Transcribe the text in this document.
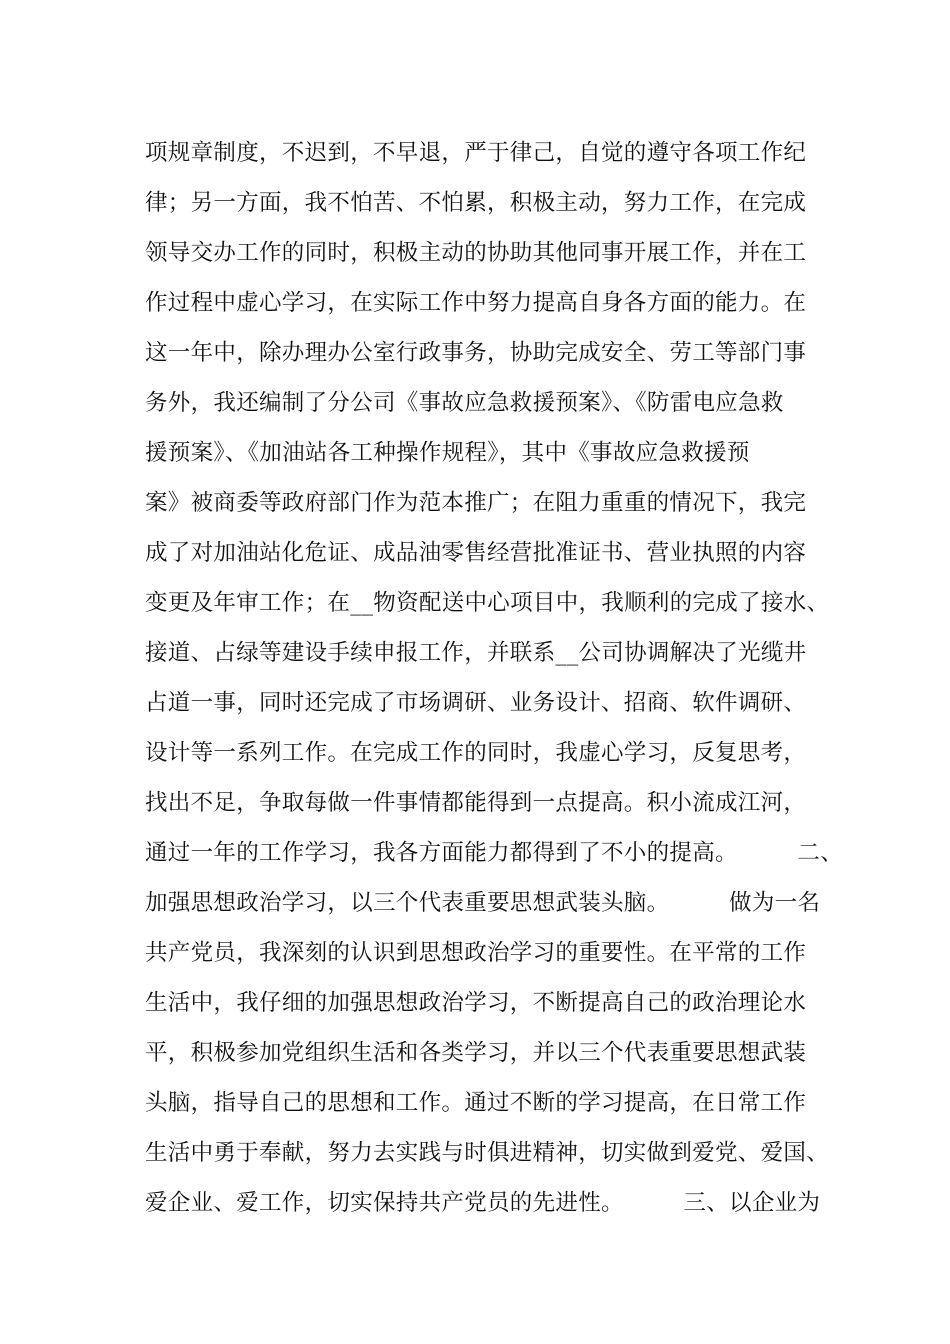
项规章制度，不迟到，不早退，严于律己，自觉的遵守各项工作纪
律；另一方面，我不怕苦、不怕累，积极主动，努力工作，在完成
领导交办工作的同时，积极主动的协助其他同事开展工作，并在工
作过程中虚心学习，在实际工作中努力提高自身各方面的能力。在
这一年中，除办理办公室行政事务，协助完成安全、劳工等部门事
务外，我还编制了分公司《事故应急救援预案》、《防雷电应急救
援预案》、《加油站各工种操作规程》，其中《事故应急救援预
案》被商委等政府部门作为范本推广；在阻力重重的情况下，我完
成了对加油站化危证、成品油零售经营批准证书、营业执照的内容
变更及年审工作；在__物资配送中心项目中，我顺利的完成了接水、
接道、占绿等建设手续申报工作，并联系__公司协调解决了光缆井
占道一事，同时还完成了市场调研、业务设计、招商、软件调研、
设计等一系列工作。在完成工作的同时，我虚心学习，反复思考，
找出不足，争取每做一件事情都能得到一点提高。积小流成江河，
通过一年的工作学习，我各方面能力都得到了不小的提高。        二、
加强思想政治学习，以三个代表重要思想武装头脑。        做为一名
共产党员，我深刻的认识到思想政治学习的重要性。在平常的工作
生活中，我仔细的加强思想政治学习，不断提高自己的政治理论水
平，积极参加党组织生活和各类学习，并以三个代表重要思想武装
头脑，指导自己的思想和工作。通过不断的学习提高，在日常工作
生活中勇于奉献，努力去实践与时俱进精神，切实做到爱党、爱国、
爱企业、爱工作，切实保持共产党员的先进性。        三、以企业为
